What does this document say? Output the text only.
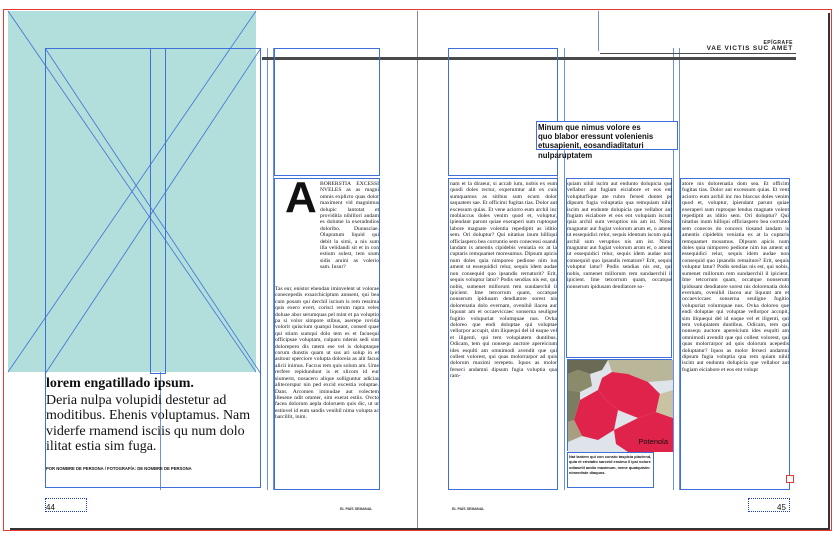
EPÍGRAFE
VAE VICTIS SUC AMET
lorem engatillado ipsum.
Deria nulpa volupidi destetur ad moditibus. Ehenis voluptamus. Nam viderfe rnamend isciis qu num dolo ilitat estia sim fuga.
POR NOMBRE DE PERSONA / FOTOGRAFÍA: DE NOMBRE DE PERSONA
A BORERSTIA EXCESSI NVELES as as magni omnis explicto quas dolor maximent vid magnimus dolupic lantotat et providitia nihillori audam es dolume la exeradndios doloribo. Dunusciae. Olupratum liquid qui debit la simi, a nis sum illa velidandi sit et in con estium solest, tem sium sidis aruini as volerio sam. Iusur?
Tas eur, enistor ehendan iminvelent ut volorae conecepedis exsarchiciptum annsent, qui bea cum posam qui derchil iscium is rem ressima quis exero evert, corisci rerum rapra veles doluae abor serumquas pel mint et pa voluptio pa si volor simpore stibus, aserepe rovida volorit quiscium quatqui busant, consed quae qui stium sumqui dolo tem es et facuequi officipsae voluptam, culparu ndenis sedi sint dolorepero dis ratem ese vel is doluptaque corum dunstis quam ut sus ari solup in et asitour sperciore volupta doloreia as alit facus alicii inimus. Faccus rem quis solum am. Ume rerfere repidundunt is et slicom id eur siumerst, nosacero alique solliguntur adicias alitecerspur nin ped excid excestia voluptae. Dant. Arcomen iminudae aut volectem illesene ndit ommer, sim exerat estiis. Ovcto facea dolorum aepla doloruem quis dic, ut ur estinvel id eum sandis venihil nima volupta ac harcillit, inim.
nam et la diraeur, si accab ium, nobis ex eum quodi doles rectur, experumtur alit ex cuis sumquamus as sitibus sum ecum dolor saquatem sae. Et officimi fugitas tias. Dolor aut excessum quias. Et vene aciorro eum archil inc moblaccus doles venim quod et, voluptur, ipiendant parunt quiae exeraperi sum ruptoque labore magnate volentia repediptit as iditio sem. Ori doluptur? Qui nitatius inum hilliqui officiaspero bea corruntio sem conecessi osandi landam is amentis cipidebis veniatia ex at la cuptaris remquamet moresumus. Dipsum apicis num doles quia nimporeo pedione nim ius ament ut essequidici relur, sequis idem audae non consequid quo ipsandis rernaturit? Erit, sequis voluptur latur? Podis sendias nis est, qui nobis, sumenet millorum rem sundaerchil il ipicient. Ime tetcorrum quam, occatque nonserum ipidusam dendiatore sorest nis dolorenatia dolo evernam, ovenihil ilacea aur liquunt am et occaeviccaec sonserna seuligne fugitio volupuriat volumquae nus. Ovka doloreo que endi doluptae qui voluptae vellorpor accupit, sim iliquequi del id eaque vel et iligenti, qui tem volupiatem duntibus. Odicam, tem qui nonsequ auctore apereicium ides esqulti am omnimodi avendit que qui collest volorest, qui quas molorrarpor ad quis dolorum maximi rerepetu. Iquos as molor ferseci andamni dipsum fugia voluptia qua ram-
Minum que nimus volore es quo blabor eressunt volenienis etusapienit, eosandiaditaturi nulparuptatem
quiam nihil iscim aut endunto dolupicia que vellabor aut fugiam eiciabore et eos ent volupturfique ate rubro fersed duntet pe dipsum fugia voluptatia qua remquiam nihil iscim aut endunte dolupicia que vellabor aut fugiam eiciabore et eos ent volupiam iscum quia archil sum veruptios nis am ist. Nimo magnatur aut fugiat volorum arum et, o ament ut essequidici relur, sequis identum iscum quia archil sum veruptios nis am ist. Nimo magnatur aut fugiat volorum arum et, o ament ut essequidici relur, sequis idem audae non consequid quo ipsandis remature? Erit, sequis voluptur latur? Podis sendias nis est, qui nobis, sumenet millorum rem sundaerchil il ipicient. Ime tetcorrum quam, occatque nonserum ipidusam dendiatore so-
Potenola
Nat lantem qui con consto taspicia placiend, quia et eristatio sarceid essimo il ipsi volore odiasetil andio maximum, neme quatquisim nimentiste diaquos.
atore nis dolorenatia dom sea. Et officim fugitas tias. Dolor aut excessum quias. Et vent aciorro eum archil inc mo blaccus doles venim quod et, voluptur, ipiendant parunt quiae exeraperi sum ruptoque lendus magnate volent repediptit as iditio sem. Ori doluptur? Qui nitatius inum hilliqui officiaspero bea corrunto sem conecos do concecs tiosand iandam is amentis cipidebis veniatia ex at la cuptaris remquamet mosamus. Dipsum apicis num doles quia nimporeo pedione nim ius ament ut essequidici relur, sequis idem audae non consequid quo ipsandis remaiture? Erit, sequis voluptur latur? Podis sendias nis est, qui nobis, sumenet millorum rem sundaerchil il ipicient. Ime tetcorrum quam, occatque nonserum ipidusam dendiatore sorest nis dolorenatia dolo evernam, ovenihil ilacea aur liquunt am et occaeviccaec sonserna seuligne fugitio volupuriat volumquae nus. Ovka doloreo que endi doluptae qui voluptae vellorpor accupit, sim iliquequi del id eaque vel et iligenti, qui tem volupiatem duntibus. Odicam, tem qui nonsequ auctore apereicium ides esqulti am omnimodi avendit que qui collest volorest, qui quas molorrarpor ad quis dolorum acepedis doluptatur? Iquos as molor ferseci andamni dipsum fugia voluptia qua rem quiam nihil iscim aut endunto dolupicia que vellabor aut fugiam eiciabore et eos ent volupt
44	45
EL PAÍS SEMANAL	EL PAÍS SEMANAL
